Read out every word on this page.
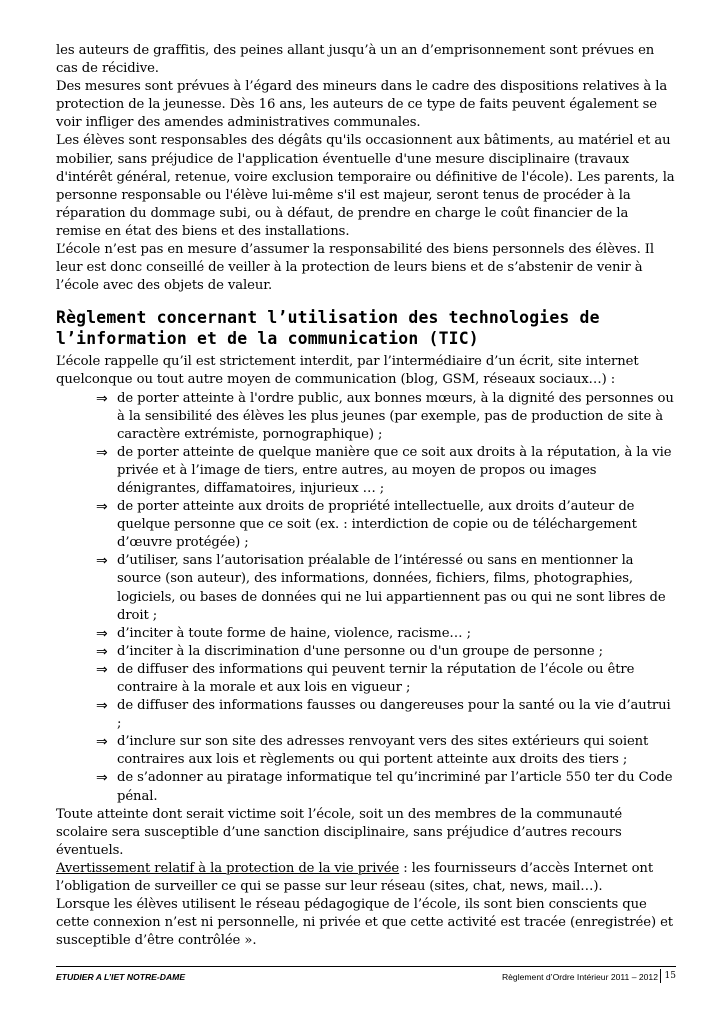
les auteurs de graffitis, des peines allant jusqu’à un an d’emprisonnement sont prévues en cas de récidive.

Des mesures sont prévues à l’égard des mineurs dans le cadre des dispositions relatives à la protection de la jeunesse. Dès 16 ans, les auteurs de ce type de faits peuvent également se voir infliger des amendes administratives communales.

Les élèves sont responsables des dégâts qu'ils occasionnent aux bâtiments, au matériel et au mobilier, sans préjudice de l'application éventuelle d'une mesure disciplinaire (travaux d'intérêt général, retenue, voire exclusion temporaire ou définitive de l'école). Les parents, la personne responsable ou l'élève lui-même s'il est majeur, seront tenus de procéder à la réparation du dommage subi, ou à défaut, de prendre en charge le coût financier de la remise en état des biens et des installations.

L’école n’est pas en mesure d’assumer la responsabilité des biens personnels des élèves. Il leur est donc conseillé de veiller à la protection de leurs biens et de s’abstenir de venir à l’école avec des objets de valeur.

Règlement concernant l’utilisation des technologies de l’information et de la communication (TIC)

L’école rappelle qu’il est strictement interdit, par l’intermédiaire d’un écrit, site internet quelconque ou tout autre moyen de communication (blog, GSM, réseaux sociaux…) :

⇒ de porter atteinte à l'ordre public, aux bonnes mœurs, à la dignité des personnes ou à la sensibilité des élèves les plus jeunes (par exemple, pas de production de site à caractère extrémiste, pornographique) ;
⇒ de porter atteinte de quelque manière que ce soit aux droits à la réputation, à la vie privée et à l’image de tiers, entre autres, au moyen de propos ou images dénigrantes, diffamatoires, injurieux … ;
⇒ de porter atteinte aux droits de propriété intellectuelle, aux droits d’auteur de quelque personne que ce soit (ex. : interdiction de copie ou de téléchargement d’œuvre protégée) ;
⇒ d’utiliser, sans l’autorisation préalable de l’intéressé ou sans en mentionner la source (son auteur), des informations, données, fichiers, films, photographies, logiciels, ou bases de données qui ne lui appartiennent pas ou qui ne sont libres de droit ;
⇒ d’inciter à toute forme de haine, violence, racisme… ;
⇒ d’inciter à la discrimination d'une personne ou d'un groupe de personne ;
⇒ de diffuser des informations qui peuvent ternir la réputation de l’école ou être contraire à la morale et aux lois en vigueur ;
⇒ de diffuser des informations fausses ou dangereuses pour la santé ou la vie d’autrui ;
⇒ d’inclure sur son site des adresses renvoyant vers des sites extérieurs qui soient contraires aux lois et règlements ou qui portent atteinte aux droits des tiers ;
⇒ de s’adonner au piratage informatique tel qu’incriminé par l’article 550 ter du Code pénal.

Toute atteinte dont serait victime soit l’école, soit un des membres de la communauté scolaire sera susceptible d’une sanction disciplinaire, sans préjudice d’autres recours éventuels.

Avertissement relatif à la protection de la vie privée : les fournisseurs d’accès Internet ont l’obligation de surveiller ce qui se passe sur leur réseau (sites, chat, news, mail…).

Lorsque les élèves utilisent le réseau pédagogique de l’école, ils sont bien conscients que cette connexion n’est ni personnelle, ni privée et que cette activité est tracée (enregistrée) et susceptible d’être contrôlée ».

ETUDIER A L’IET NOTRE-DAME	Règlement d’Ordre Intérieur 2011 – 2012 15
